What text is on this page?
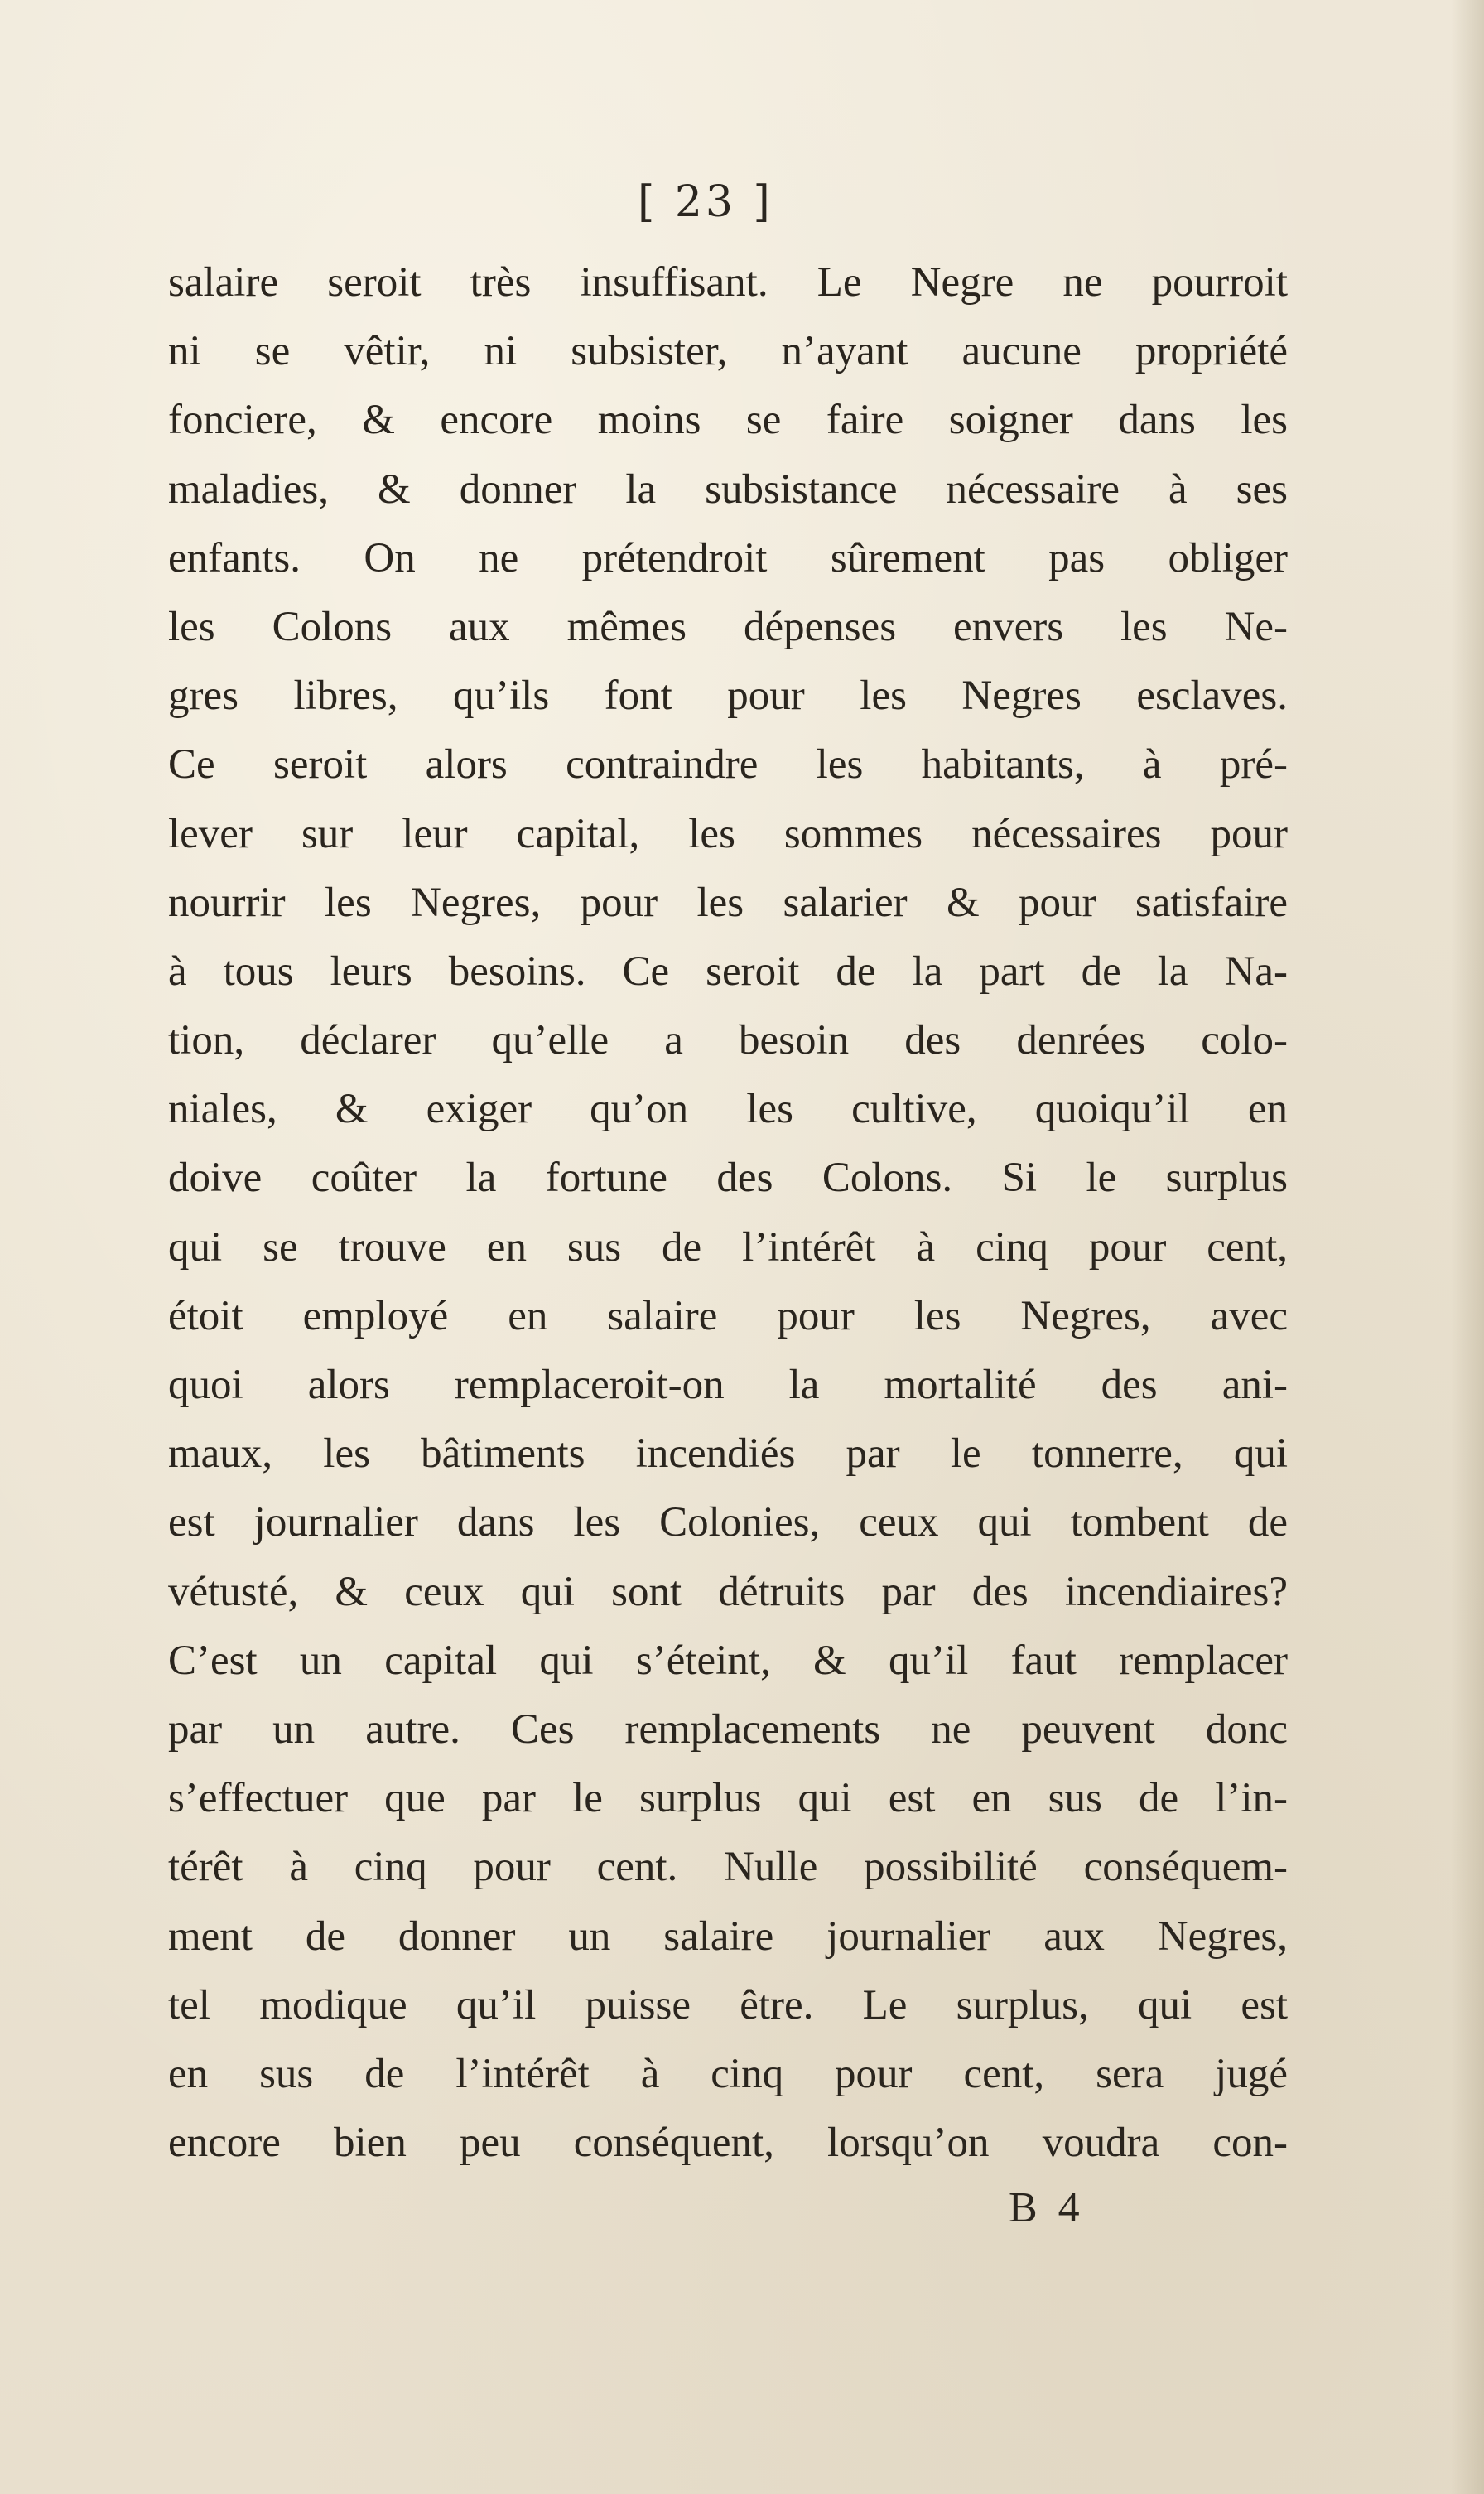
[ 23 ]
salaire seroit très insuffisant. Le Negre ne pourroit
ni se vêtir, ni subsister, n’ayant aucune propriété
fonciere, & encore moins se faire soigner dans les
maladies, & donner la subsistance nécessaire à ses
enfants. On ne prétendroit sûrement pas obliger
les Colons aux mêmes dépenses envers les Ne-
gres libres, qu’ils font pour les Negres esclaves.
Ce seroit alors contraindre les habitants, à pré-
lever sur leur capital, les sommes nécessaires pour
nourrir les Negres, pour les salarier & pour satisfaire
à tous leurs besoins. Ce seroit de la part de la Na-
tion, déclarer qu’elle a besoin des denrées colo-
niales, & exiger qu’on les cultive, quoiqu’il en
doive coûter la fortune des Colons. Si le surplus
qui se trouve en sus de l’intérêt à cinq pour cent,
étoit employé en salaire pour les Negres, avec
quoi alors remplaceroit-on la mortalité des ani-
maux, les bâtiments incendiés par le tonnerre, qui
est journalier dans les Colonies, ceux qui tombent de
vétusté, & ceux qui sont détruits par des incendiaires?
C’est un capital qui s’éteint, & qu’il faut remplacer
par un autre. Ces remplacements ne peuvent donc
s’effectuer que par le surplus qui est en sus de l’in-
térêt à cinq pour cent. Nulle possibilité conséquem-
ment de donner un salaire journalier aux Negres,
tel modique qu’il puisse être. Le surplus, qui est
en sus de l’intérêt à cinq pour cent, sera jugé
encore bien peu conséquent, lorsqu’on voudra con-
B 4
